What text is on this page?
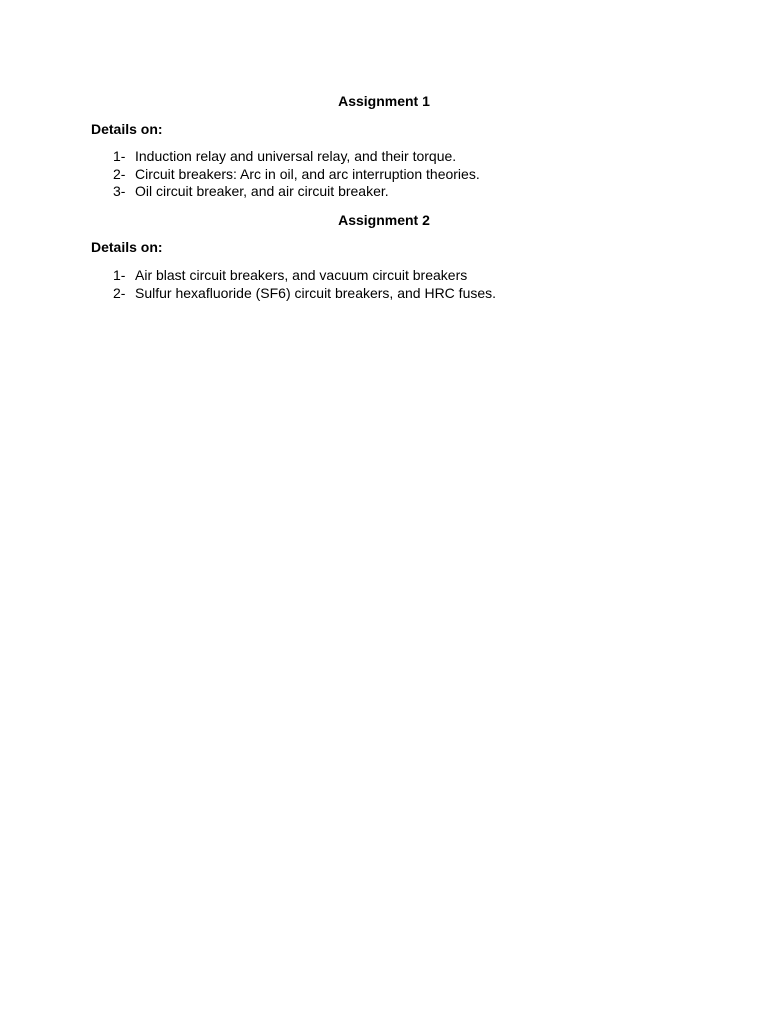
Assignment 1
Details on:
1- Induction relay and universal relay, and their torque.
2- Circuit breakers: Arc in oil, and arc interruption theories.
3- Oil circuit breaker, and air circuit breaker.
Assignment 2
Details on:
1- Air blast circuit breakers, and vacuum circuit breakers
2- Sulfur hexafluoride (SF6) circuit breakers, and HRC fuses.
